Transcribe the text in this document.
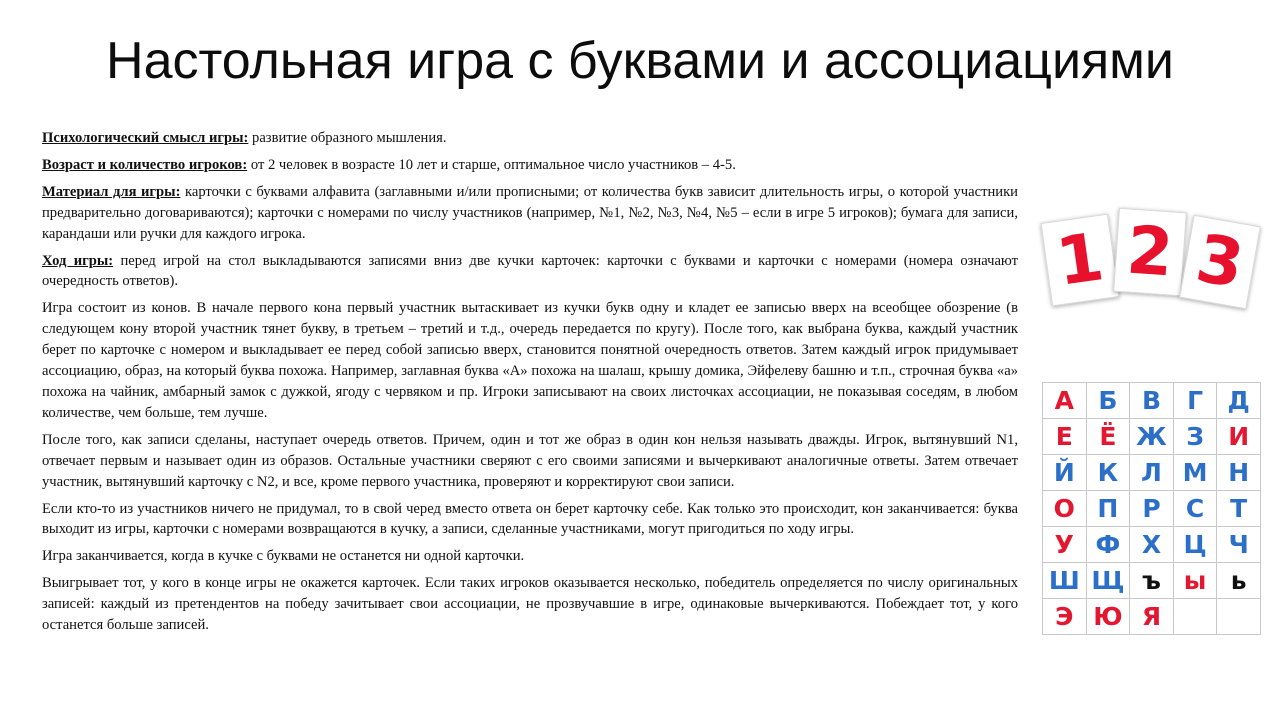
Настольная игра с буквами и ассоциациями

Психологический смысл игры: развитие образного мышления.

Возраст и количество игроков: от 2 человек в возрасте 10 лет и старше, оптимальное число участников – 4-5.

Материал для игры: карточки с буквами алфавита (заглавными и/или прописными; от количества букв зависит длительность игры, о которой участники предварительно договариваются); карточки с номерами по числу участников (например, №1, №2, №3, №4, №5 – если в игре 5 игроков); бумага для записи, карандаши или ручки для каждого игрока.

Ход игры: перед игрой на стол выкладываются записями вниз две кучки карточек: карточки с буквами и карточки с номерами (номера означают очередность ответов).

Игра состоит из конов. В начале первого кона первый участник вытаскивает из кучки букв одну и кладет ее записью вверх на всеобщее обозрение (в следующем кону второй участник тянет букву, в третьем – третий и т.д., очередь передается по кругу). После того, как выбрана буква, каждый участник берет по карточке с номером и выкладывает ее перед собой записью вверх, становится понятной очередность ответов. Затем каждый игрок придумывает ассоциацию, образ, на который буква похожа. Например, заглавная буква «А» похожа на шалаш, крышу домика, Эйфелеву башню и т.п., строчная буква «а» похожа на чайник, амбарный замок с дужкой, ягоду с червяком и пр. Игроки записывают на своих листочках ассоциации, не показывая соседям, в любом количестве, чем больше, тем лучше.

После того, как записи сделаны, наступает очередь ответов. Причем, один и тот же образ в один кон нельзя называть дважды. Игрок, вытянувший N1, отвечает первым и называет один из образов. Остальные участники сверяют с его своими записями и вычеркивают аналогичные ответы. Затем отвечает участник, вытянувший карточку с N2, и все, кроме первого участника, проверяют и корректируют свои записи.

Если кто-то из участников ничего не придумал, то в свой черед вместо ответа он берет карточку себе. Как только это происходит, кон заканчивается: буква выходит из игры, карточки с номерами возвращаются в кучку, а записи, сделанные участниками, могут пригодиться по ходу игры.

Игра заканчивается, когда в кучке с буквами не останется ни одной карточки.

Выигрывает тот, у кого в конце игры не окажется карточек. Если таких игроков оказывается несколько, победитель определяется по числу оригинальных записей: каждый из претендентов на победу зачитывает свои ассоциации, не прозвучавшие в игре, одинаковые вычеркиваются. Побеждает тот, у кого останется больше записей.

1 2 3
А Б В	Г Д
Е	Ё Ж З И
Й К Л М Н
О П Р	С	Т
У Ф Х Ц Ч
Ш Щ ъ ы ь
Э Ю Я
